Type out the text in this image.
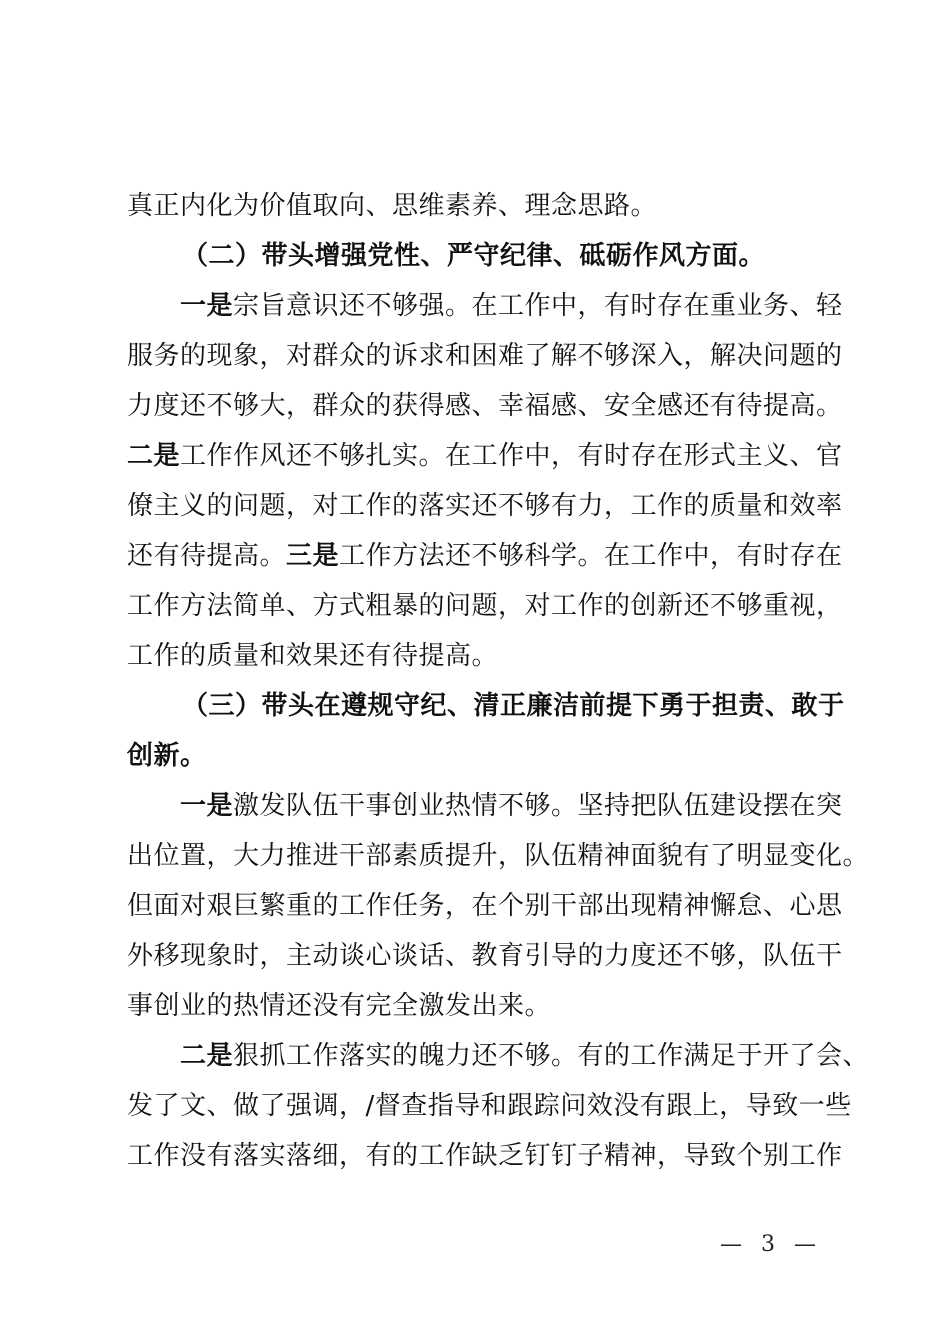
真正内化为价值取向、思维素养、理念思路。
（二）带头增强党性、严守纪律、砥砺作风方面。
一是宗旨意识还不够强。在工作中，有时存在重业务、轻
服务的现象，对群众的诉求和困难了解不够深入，解决问题的
力度还不够大，群众的获得感、幸福感、安全感还有待提高。
二是工作作风还不够扎实。在工作中，有时存在形式主义、官
僚主义的问题，对工作的落实还不够有力，工作的质量和效率
还有待提高。三是工作方法还不够科学。在工作中，有时存在
工作方法简单、方式粗暴的问题，对工作的创新还不够重视，
工作的质量和效果还有待提高。
（三）带头在遵规守纪、清正廉洁前提下勇于担责、敢于
创新。
一是激发队伍干事创业热情不够。坚持把队伍建设摆在突
出位置，大力推进干部素质提升，队伍精神面貌有了明显变化。
但面对艰巨繁重的工作任务，在个别干部出现精神懈怠、心思
外移现象时，主动谈心谈话、教育引导的力度还不够，队伍干
事创业的热情还没有完全激发出来。
二是狠抓工作落实的魄力还不够。有的工作满足于开了会、
发了文、做了强调，/督查指导和跟踪问效没有跟上，导致一些
工作没有落实落细，有的工作缺乏钉钉子精神，导致个别工作
— 3 —
